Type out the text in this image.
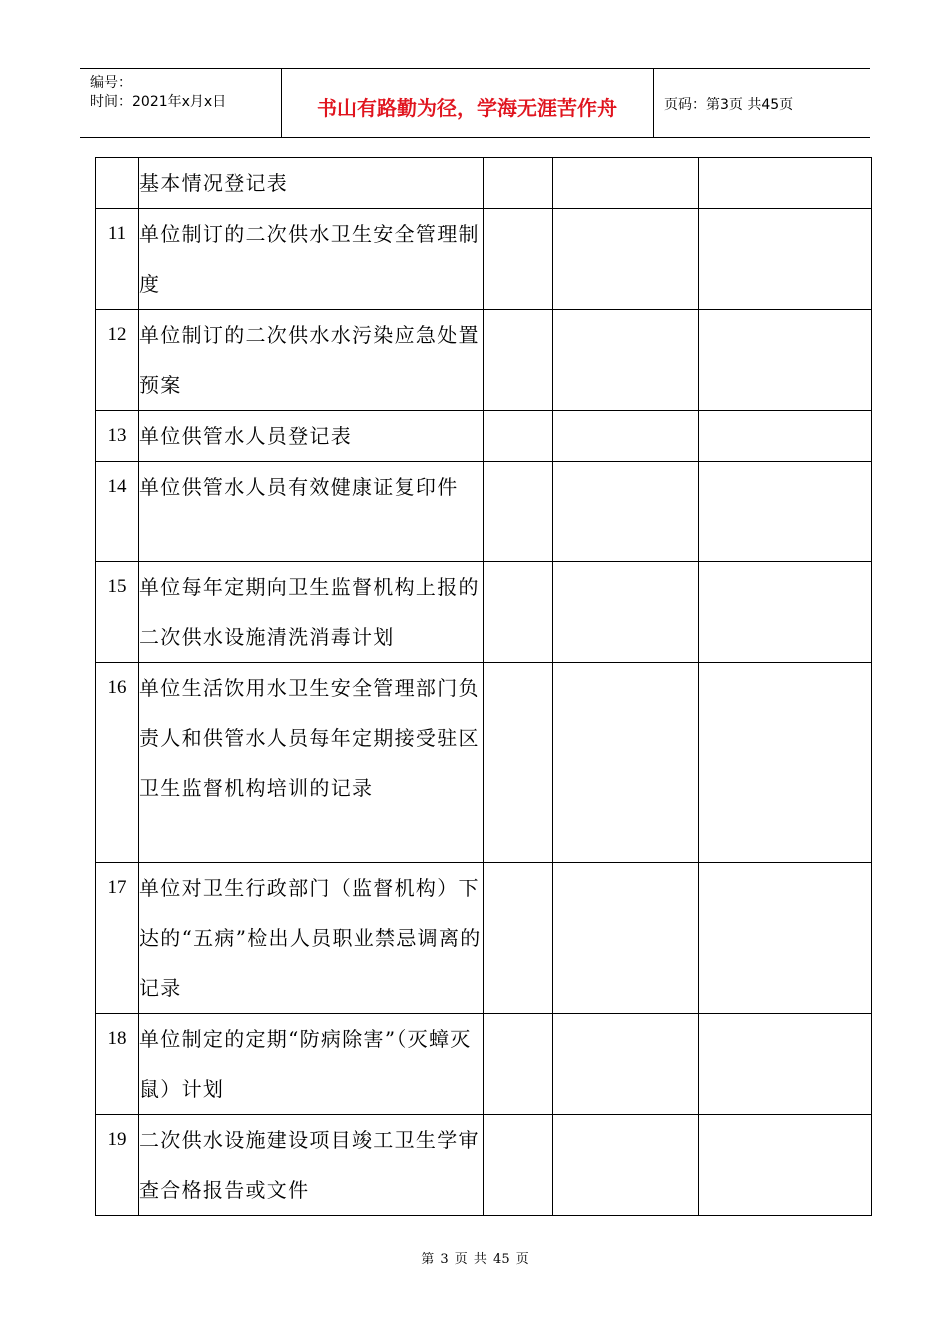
编号：
时间：2021年x月x日	书山有路勤为径，学海无涯苦作舟	页码：第3页 共45页
	基本情况登记表			
11	单位制订的二次供水卫生安全管理制度			
12	单位制订的二次供水水污染应急处置预案			
13	单位供管水人员登记表			
14	单位供管水人员有效健康证复印件			
15	单位每年定期向卫生监督机构上报的二次供水设施清洗消毒计划			
16	单位生活饮用水卫生安全管理部门负责人和供管水人员每年定期接受驻区卫生监督机构培训的记录			
17	单位对卫生行政部门（监督机构）下达的“五病”检出人员职业禁忌调离的记录			
18	单位制定的定期“防病除害”（灭蟑灭鼠）计划			
19	二次供水设施建设项目竣工卫生学审查合格报告或文件			
第 3 页 共 45 页
